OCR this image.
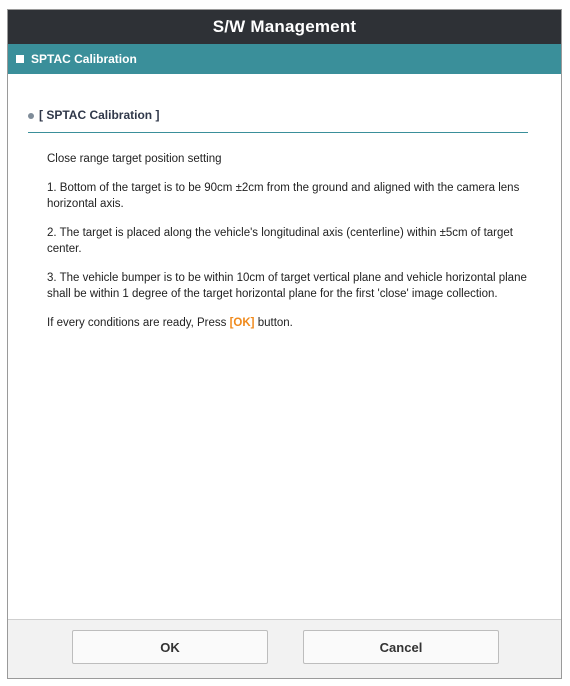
S/W Management
SPTAC Calibration
[ SPTAC Calibration ]

Close range target position setting

1. Bottom of the target is to be 90cm ±2cm from the ground and aligned with the camera lens horizontal axis.

2. The target is placed along the vehicle's longitudinal axis (centerline) within ±5cm of target center.

3. The vehicle bumper is to be within 10cm of target vertical plane and vehicle horizontal plane shall be within 1 degree of the target horizontal plane for the first 'close' image collection.

If every conditions are ready, Press [OK] button.

OK	Cancel
